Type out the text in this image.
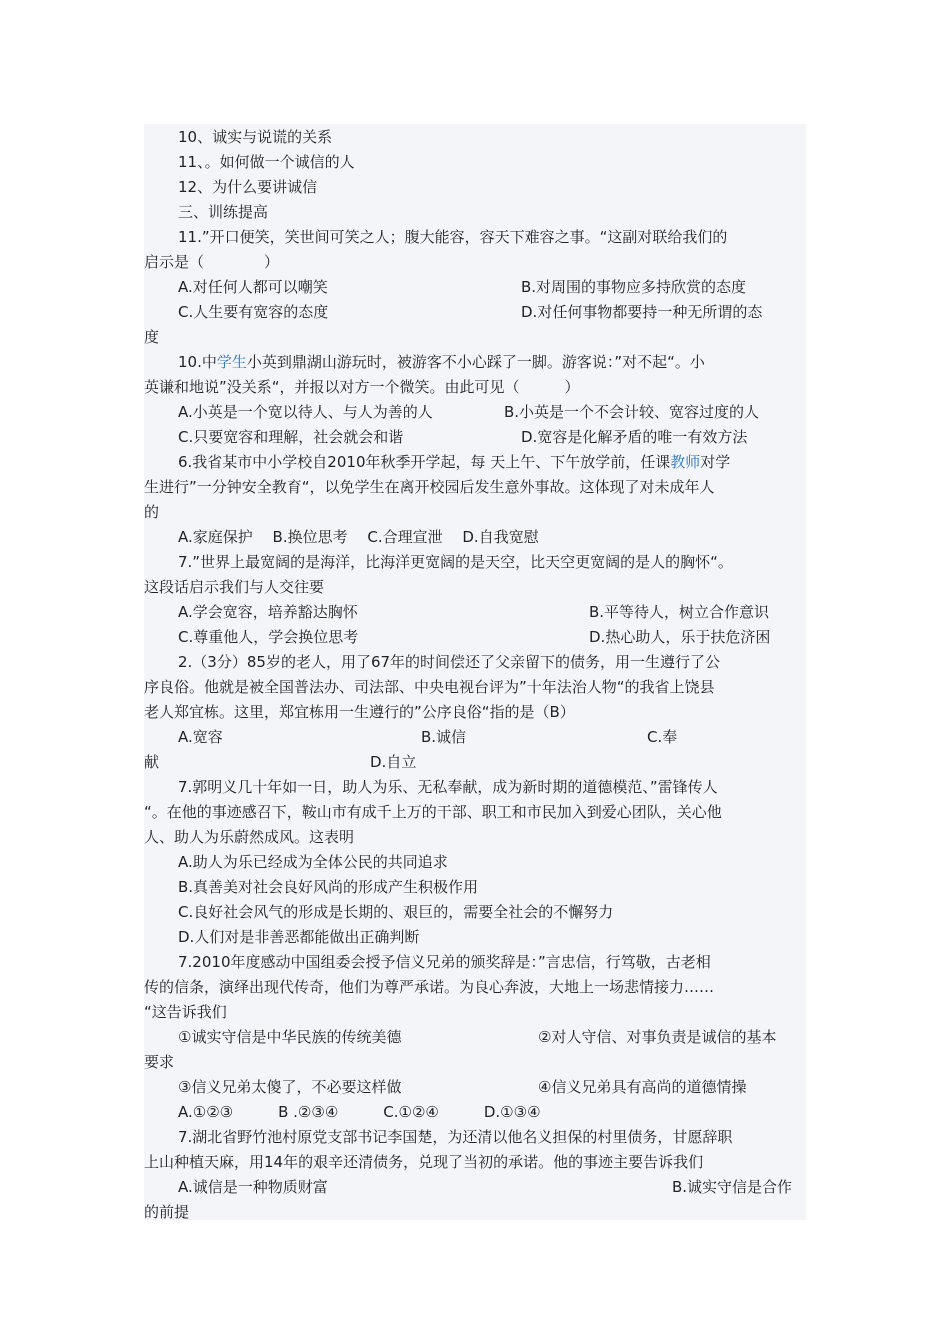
10、诚实与说谎的关系
11、。如何做一个诚信的人
12、为什么要讲诚信
三、训练提高
11.”开口便笑，笑世间可笑之人；腹大能容，容天下难容之事。“这副对联给我们的
启示是（　　　　）
A.对任何人都可以嘲笑	B.对周围的事物应多持欣赏的态度
C.人生要有宽容的态度	D.对任何事物都要持一种无所谓的态
度
10.中学生小英到鼎湖山游玩时，被游客不小心踩了一脚。游客说：”对不起“。小
英谦和地说”没关系“，并报以对方一个微笑。由此可见（　　　）
A.小英是一个宽以待人、与人为善的人	B.小英是一个不会计较、宽容过度的人
C.只要宽容和理解，社会就会和谐	D.宽容是化解矛盾的唯一有效方法
6.我省某市中小学校自2010年秋季开学起，每 天上午、下午放学前，任课教师对学
生进行”一分钟安全教育“，以免学生在离开校园后发生意外事故。这体现了对未成年人
的
A.家庭保护　 B.换位思考　 C.合理宣泄　 D.自我宽慰
7.”世界上最宽阔的是海洋，比海洋更宽阔的是天空，比天空更宽阔的是人的胸怀“。
这段话启示我们与人交往要
A.学会宽容，培养豁达胸怀	B.平等待人，树立合作意识
C.尊重他人，学会换位思考	D.热心助人，乐于扶危济困
2.（3分）85岁的老人，用了67年的时间偿还了父亲留下的债务，用一生遵行了公
序良俗。他就是被全国普法办、司法部、中央电视台评为”十年法治人物“的我省上饶县
老人郑宜栋。这里，郑宜栋用一生遵行的”公序良俗“指的是（B）
A.宽容	B.诚信	C.奉
献	D.自立
7.郭明义几十年如一日，助人为乐、无私奉献，成为新时期的道德模范、”雷锋传人
“。在他的事迹感召下，鞍山市有成千上万的干部、职工和市民加入到爱心团队，关心他
人、助人为乐蔚然成风。这表明
A.助人为乐已经成为全体公民的共同追求
B.真善美对社会良好风尚的形成产生积极作用
C.良好社会风气的形成是长期的、艰巨的，需要全社会的不懈努力
D.人们对是非善恶都能做出正确判断
7.2010年度感动中国组委会授予信义兄弟的颁奖辞是：”言忠信，行笃敬，古老相
传的信条，演绎出现代传奇，他们为尊严承诺。为良心奔波，大地上一场悲情接力……
“这告诉我们
①诚实守信是中华民族的传统美德	②对人守信、对事负责是诚信的基本
要求
③信义兄弟太傻了，不必要这样做	④信义兄弟具有高尚的道德情操
A.①②③　　　B .②③④　　　C.①②④　　　D.①③④
7.湖北省野竹池村原党支部书记李国楚，为还清以他名义担保的村里债务，甘愿辞职
上山种植天麻，用14年的艰辛还清债务，兑现了当初的承诺。他的事迹主要告诉我们
A.诚信是一种物质财富	B.诚实守信是合作
的前提
